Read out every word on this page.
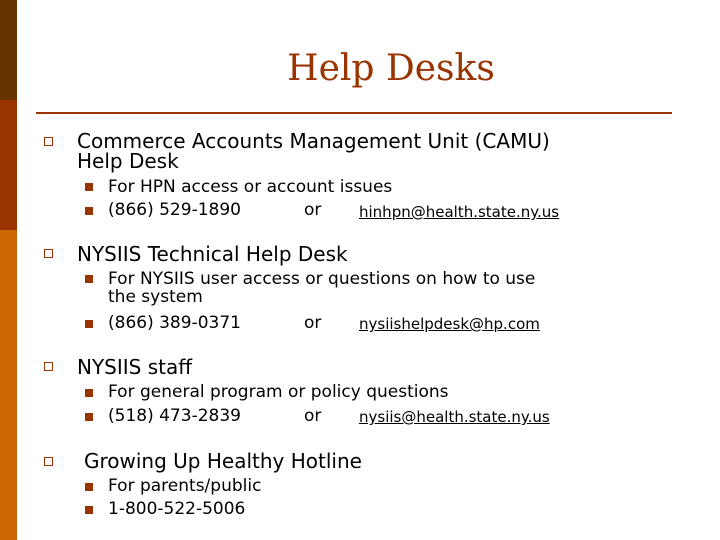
Help Desks
Commerce Accounts Management Unit (CAMU)
Help Desk
For HPN access or account issues
(866) 529-1890	or	hinhpn@health.state.ny.us
NYSIIS Technical Help Desk
For NYSIIS user access or questions on how to use
the system
(866) 389-0371	or	nysiishelpdesk@hp.com
NYSIIS staff
For general program or policy questions
(518) 473-2839	or	nysiis@health.state.ny.us
Growing Up Healthy Hotline
For parents/public
1-800-522-5006
